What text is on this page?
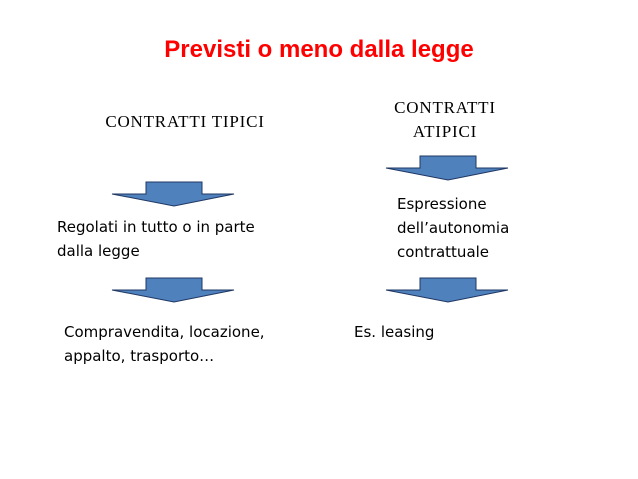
Previsti o meno dalla legge
CONTRATTI TIPICI
Regolati in tutto o in parte
dalla legge
Compravendita, locazione,
appalto, trasporto…
CONTRATTI
ATIPICI
Espressione
dell’autonomia
contrattuale
Es. leasing
